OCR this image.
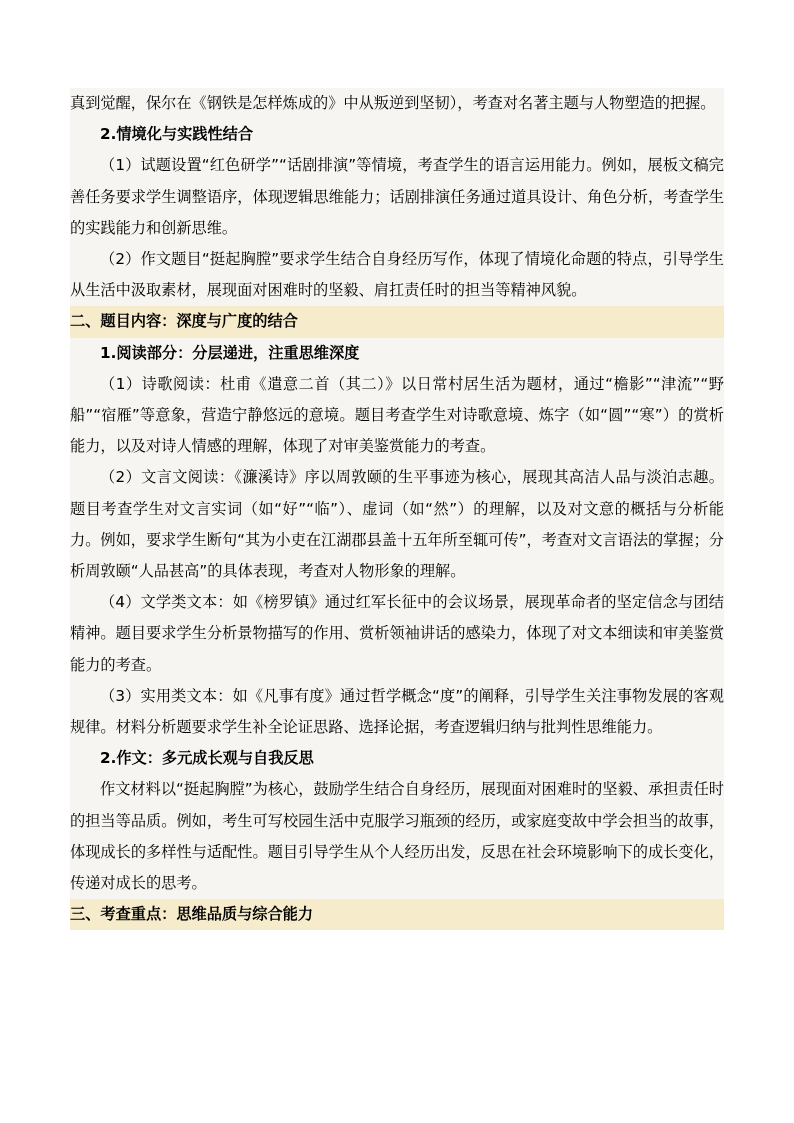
真到觉醒，保尔在《钢铁是怎样炼成的》中从叛逆到坚韧），考查对名著主题与人物塑造的把握。

2.情境化与实践性结合

（1）试题设置“红色研学”“话剧排演”等情境，考查学生的语言运用能力。例如，展板文稿完善任务要求学生调整语序，体现逻辑思维能力；话剧排演任务通过道具设计、角色分析，考查学生的实践能力和创新思维。

（2）作文题目“挺起胸膛”要求学生结合自身经历写作，体现了情境化命题的特点，引导学生从生活中汲取素材，展现面对困难时的坚毅、肩扛责任时的担当等精神风貌。

二、题目内容：深度与广度的结合

1.阅读部分：分层递进，注重思维深度

（1）诗歌阅读：杜甫《遣意二首（其二）》以日常村居生活为题材，通过“檐影”“津流”“野船”“宿雁”等意象，营造宁静悠远的意境。题目考查学生对诗歌意境、炼字（如“圆”“寒”）的赏析能力，以及对诗人情感的理解，体现了对审美鉴赏能力的考查。

（2）文言文阅读：《濂溪诗》序以周敦颐的生平事迹为核心，展现其高洁人品与淡泊志趣。题目考查学生对文言实词（如“好”“临”）、虚词（如“然”）的理解，以及对文意的概括与分析能力。例如，要求学生断句“其为小吏在江湖郡县盖十五年所至辄可传”，考查对文言语法的掌握；分析周敦颐“人品甚高”的具体表现，考查对人物形象的理解。

（4）文学类文本：如《榜罗镇》通过红军长征中的会议场景，展现革命者的坚定信念与团结精神。题目要求学生分析景物描写的作用、赏析领袖讲话的感染力，体现了对文本细读和审美鉴赏能力的考查。

（3）实用类文本：如《凡事有度》通过哲学概念“度”的阐释，引导学生关注事物发展的客观规律。材料分析题要求学生补全论证思路、选择论据，考查逻辑归纳与批判性思维能力。

2.作文：多元成长观与自我反思

作文材料以“挺起胸膛”为核心，鼓励学生结合自身经历，展现面对困难时的坚毅、承担责任时的担当等品质。例如，考生可写校园生活中克服学习瓶颈的经历，或家庭变故中学会担当的故事，体现成长的多样性与适配性。题目引导学生从个人经历出发，反思在社会环境影响下的成长变化，传递对成长的思考。

三、考查重点：思维品质与综合能力
